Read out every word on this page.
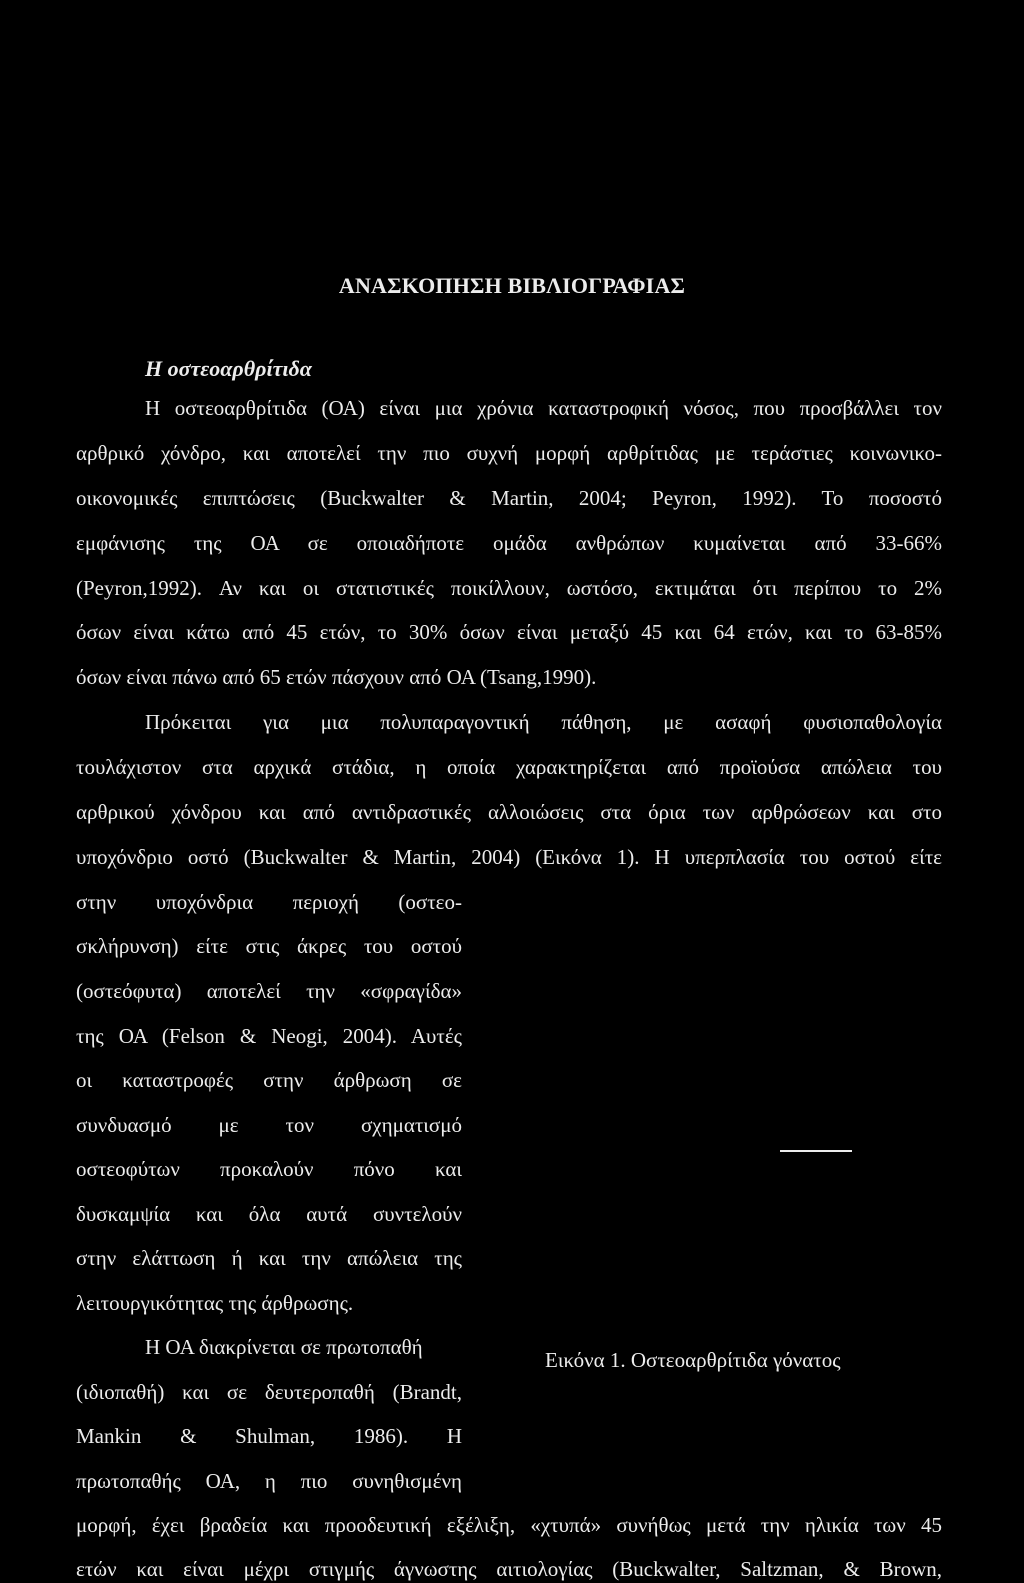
ΑΝΑΣΚΟΠΗΣΗ ΒΙΒΛΙΟΓΡΑΦΙΑΣ
Η οστεοαρθρίτιδα
Η οστεοαρθρίτιδα (ΟΑ) είναι μια χρόνια καταστροφική νόσος, που προσβάλλει τον
αρθρικό χόνδρο, και αποτελεί την πιο συχνή μορφή αρθρίτιδας με τεράστιες κοινωνικο-
οικονομικές επιπτώσεις (Buckwalter & Martin, 2004; Peyron, 1992). Το ποσοστό
εμφάνισης της ΟΑ σε οποιαδήποτε ομάδα ανθρώπων κυμαίνεται από 33-66%
(Peyron,1992). Αν και οι στατιστικές ποικίλλουν, ωστόσο, εκτιμάται ότι περίπου το 2%
όσων είναι κάτω από 45 ετών, το 30% όσων είναι μεταξύ 45 και 64 ετών, και το 63-85%
όσων είναι πάνω από 65 ετών πάσχουν από ΟΑ (Tsang,1990).
Πρόκειται για μια πολυπαραγοντική πάθηση, με ασαφή φυσιοπαθολογία
τουλάχιστον στα αρχικά στάδια, η οποία χαρακτηρίζεται από προϊούσα απώλεια του
αρθρικού χόνδρου και από αντιδραστικές αλλοιώσεις στα όρια των αρθρώσεων και στο
υποχόνδριο οστό (Buckwalter & Martin, 2004) (Εικόνα 1). Η υπερπλασία του οστού είτε
στην υποχόνδρια περιοχή (οστεο-
σκλήρυνση) είτε στις άκρες του οστού
(οστεόφυτα) αποτελεί την «σφραγίδα»
της ΟΑ (Felson & Neogi, 2004). Αυτές
οι καταστροφές στην άρθρωση σε
συνδυασμό με τον σχηματισμό
οστεοφύτων προκαλούν πόνο και
δυσκαμψία και όλα αυτά συντελούν
στην ελάττωση ή και την απώλεια της
λειτουργικότητας της άρθρωσης.
Η ΟΑ διακρίνεται σε πρωτοπαθή
(ιδιοπαθή) και σε δευτεροπαθή (Brandt,
Mankin & Shulman, 1986). Η
πρωτοπαθής ΟΑ, η πιο συνηθισμένη
μορφή, έχει βραδεία και προοδευτική εξέλιξη, «χτυπά» συνήθως μετά την ηλικία των 45
ετών και είναι μέχρι στιγμής άγνωστης αιτιολογίας (Buckwalter, Saltzman, & Brown,
Εικόνα 1. Οστεοαρθρίτιδα γόνατος
